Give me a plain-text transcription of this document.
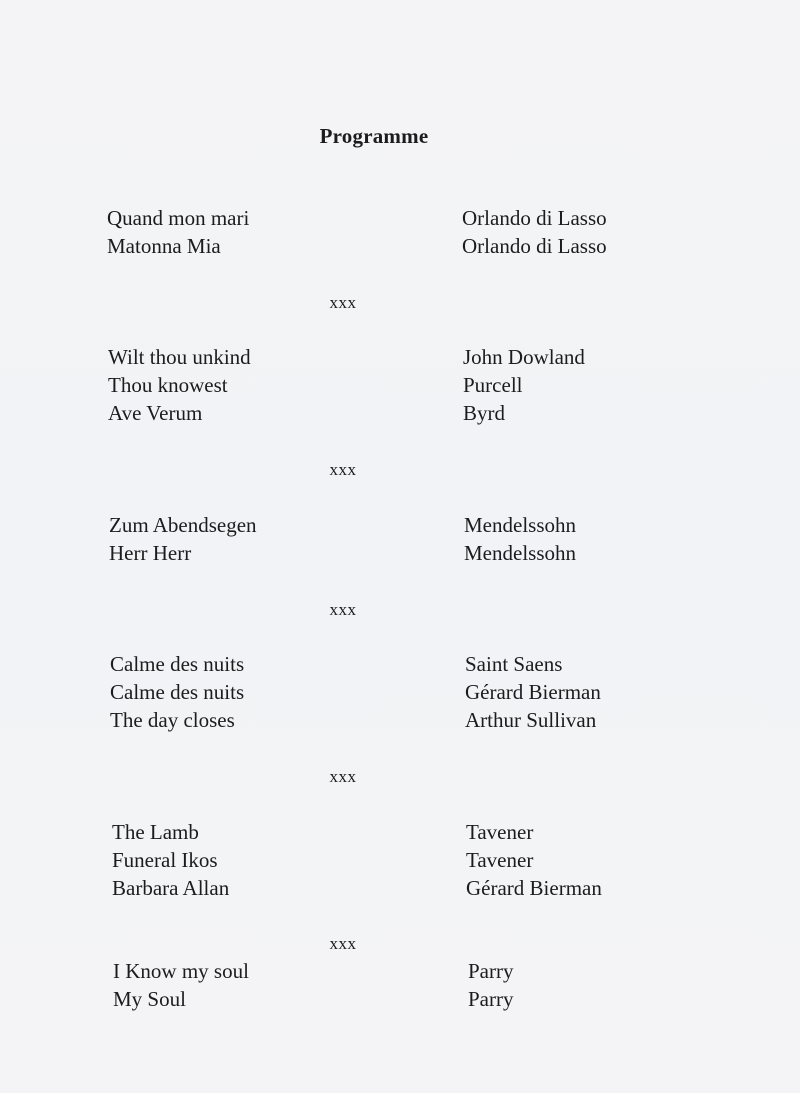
Programme
Quand mon mari	Orlando di Lasso
Matonna Mia	Orlando di Lasso
xxx
Wilt thou unkind	John Dowland
Thou knowest	Purcell
Ave Verum	Byrd
xxx
Zum Abendsegen	Mendelssohn
Herr Herr	Mendelssohn
xxx
Calme des nuits	Saint Saens
Calme des nuits	Gérard Bierman
The day closes	Arthur Sullivan
xxx
The Lamb	Tavener
Funeral Ikos	Tavener
Barbara Allan	Gérard Bierman
xxx
I Know my soul	Parry
My Soul	Parry
